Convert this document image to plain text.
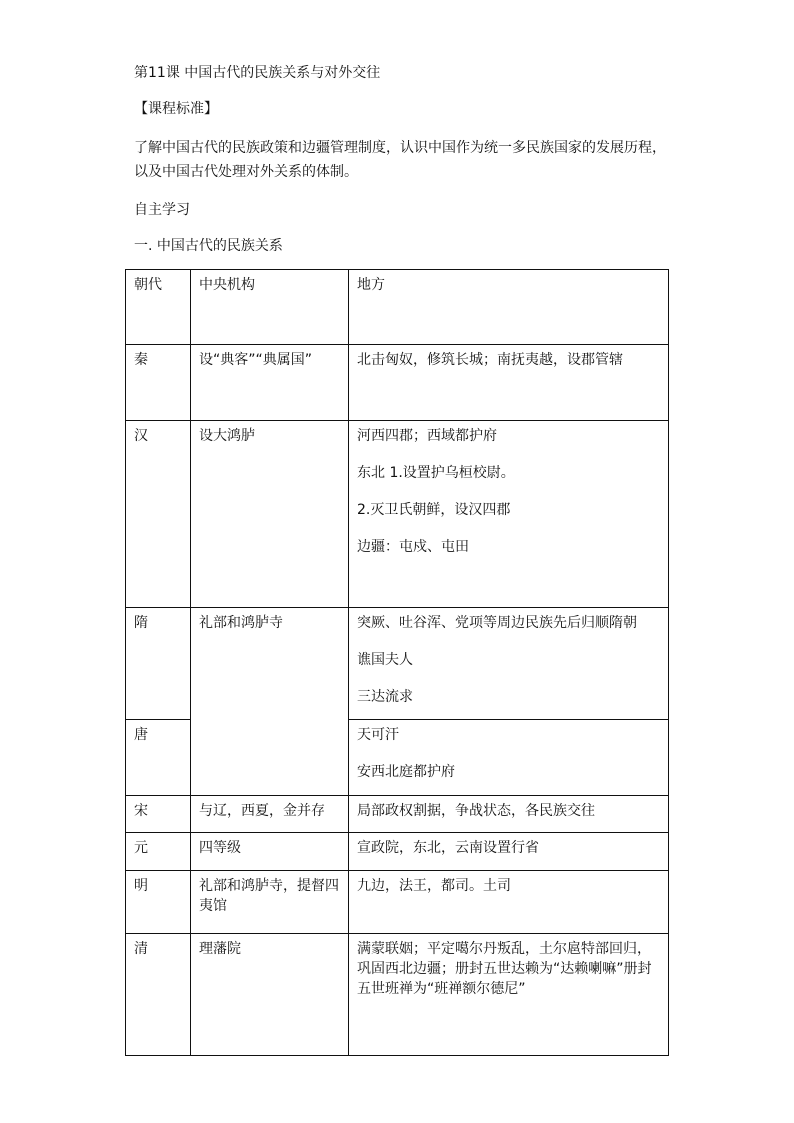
第11课 中国古代的民族关系与对外交往
【课程标准】
了解中国古代的民族政策和边疆管理制度，认识中国作为统一多民族国家的发展历程，以及中国古代处理对外关系的体制。
自主学习
一. 中国古代的民族关系
朝代	中央机构	地方
秦	设“典客”“典属国”	北击匈奴，修筑长城；南抚夷越，设郡管辖

汉	设大鸿胪	河西四郡；西域都护府
东北 1.设置护乌桓校尉。
2.灭卫氏朝鲜，设汉四郡
边疆：屯戍、屯田

隋	礼部和鸿胪寺	突厥、吐谷浑、党项等周边民族先后归顺隋朝
谯国夫人
三达流求

唐		天可汗
安西北庭都护府

宋	与辽，西夏，金并存	局部政权割据，争战状态，各民族交往

元	四等级	宣政院，东北，云南设置行省

明	礼部和鸿胪寺，提督四夷馆	九边，法王，都司。土司

清	理藩院	满蒙联姻；平定噶尔丹叛乱，土尔扈特部回归，巩固西北边疆；册封五世达赖为“达赖喇嘛”册封五世班禅为“班禅额尔德尼”
